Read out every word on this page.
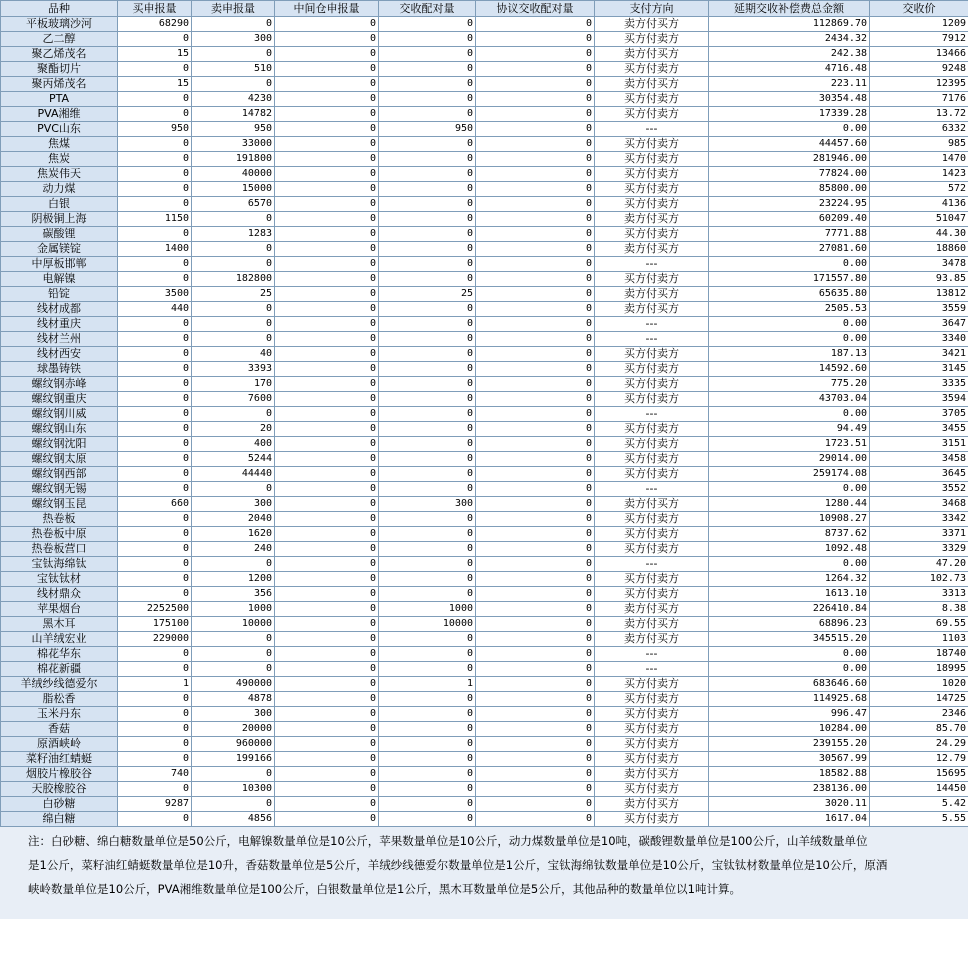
品种	买申报量	卖申报量	中间仓申报量	交收配对量	协议交收配对量	支付方向	延期交收补偿费总金额	交收价
平板玻璃沙河	68290	0	0	0	0	卖方付买方	112869.70	1209
乙二醇	0	300	0	0	0	买方付卖方	2434.32	7912
聚乙烯茂名	15	0	0	0	0	卖方付买方	242.38	13466
聚酯切片	0	510	0	0	0	买方付卖方	4716.48	9248
聚丙烯茂名	15	0	0	0	0	卖方付买方	223.11	12395
PTA	0	4230	0	0	0	买方付卖方	30354.48	7176
PVA湘维	0	14782	0	0	0	买方付卖方	17339.28	13.72
PVC山东	950	950	0	950	0	---	0.00	6332
焦煤	0	33000	0	0	0	买方付卖方	44457.60	985
焦炭	0	191800	0	0	0	买方付卖方	281946.00	1470
焦炭伟天	0	40000	0	0	0	买方付卖方	77824.00	1423
动力煤	0	15000	0	0	0	买方付卖方	85800.00	572
白银	0	6570	0	0	0	买方付卖方	23224.95	4136
阴极铜上海	1150	0	0	0	0	卖方付买方	60209.40	51047
碳酸锂	0	1283	0	0	0	买方付卖方	7771.88	44.30
金属镁锭	1400	0	0	0	0	卖方付买方	27081.60	18860
中厚板邯郸	0	0	0	0	0	---	0.00	3478
电解镍	0	182800	0	0	0	买方付卖方	171557.80	93.85
铅锭	3500	25	0	25	0	卖方付买方	65635.80	13812
线材成都	440	0	0	0	0	卖方付买方	2505.53	3559
线材重庆	0	0	0	0	0	---	0.00	3647
线材兰州	0	0	0	0	0	---	0.00	3340
线材西安	0	40	0	0	0	买方付卖方	187.13	3421
球墨铸铁	0	3393	0	0	0	买方付卖方	14592.60	3145
螺纹钢赤峰	0	170	0	0	0	买方付卖方	775.20	3335
螺纹钢重庆	0	7600	0	0	0	买方付卖方	43703.04	3594
螺纹钢川威	0	0	0	0	0	---	0.00	3705
螺纹钢山东	0	20	0	0	0	买方付卖方	94.49	3455
螺纹钢沈阳	0	400	0	0	0	买方付卖方	1723.51	3151
螺纹钢太原	0	5244	0	0	0	买方付卖方	29014.00	3458
螺纹钢西部	0	44440	0	0	0	买方付卖方	259174.08	3645
螺纹钢无锡	0	0	0	0	0	---	0.00	3552
螺纹钢玉昆	660	300	0	300	0	卖方付买方	1280.44	3468
热卷板	0	2040	0	0	0	买方付卖方	10908.27	3342
热卷板中原	0	1620	0	0	0	买方付卖方	8737.62	3371
热卷板营口	0	240	0	0	0	买方付卖方	1092.48	3329
宝钛海绵钛	0	0	0	0	0	---	0.00	47.20
宝钛钛材	0	1200	0	0	0	买方付卖方	1264.32	102.73
线材鼎众	0	356	0	0	0	买方付卖方	1613.10	3313
苹果烟台	2252500	1000	0	1000	0	卖方付买方	226410.84	8.38
黑木耳	175100	10000	0	10000	0	卖方付买方	68896.23	69.55
山羊绒宏业	229000	0	0	0	0	卖方付买方	345515.20	1103
棉花华东	0	0	0	0	0	---	0.00	18740
棉花新疆	0	0	0	0	0	---	0.00	18995
羊绒纱线德爱尔	1	490000	0	1	0	买方付卖方	683646.60	1020
脂松香	0	4878	0	0	0	买方付卖方	114925.68	14725
玉米丹东	0	300	0	0	0	买方付卖方	996.47	2346
香菇	0	20000	0	0	0	买方付卖方	10284.00	85.70
原酒峡岭	0	960000	0	0	0	买方付卖方	239155.20	24.29
菜籽油红蜻蜓	0	199166	0	0	0	买方付卖方	30567.99	12.79
烟胶片橡胶谷	740	0	0	0	0	卖方付买方	18582.88	15695
天胶橡胶谷	0	10300	0	0	0	买方付卖方	238136.00	14450
白砂糖	9287	0	0	0	0	卖方付买方	3020.11	5.42
绵白糖	0	4856	0	0	0	买方付卖方	1617.04	5.55
注：白砂糖、绵白糖数量单位是50公斤，电解镍数量单位是10公斤，苹果数量单位是10公斤，动力煤数量单位是10吨，碳酸锂数量单位是100公斤，山羊绒数量单位
是1公斤，菜籽油红蜻蜓数量单位是10升，香菇数量单位是5公斤，羊绒纱线德爱尔数量单位是1公斤，宝钛海绵钛数量单位是10公斤，宝钛钛材数量单位是10公斤，原酒
峡岭数量单位是10公斤，PVA湘维数量单位是100公斤，白银数量单位是1公斤，黑木耳数量单位是5公斤，其他品种的数量单位以1吨计算。
